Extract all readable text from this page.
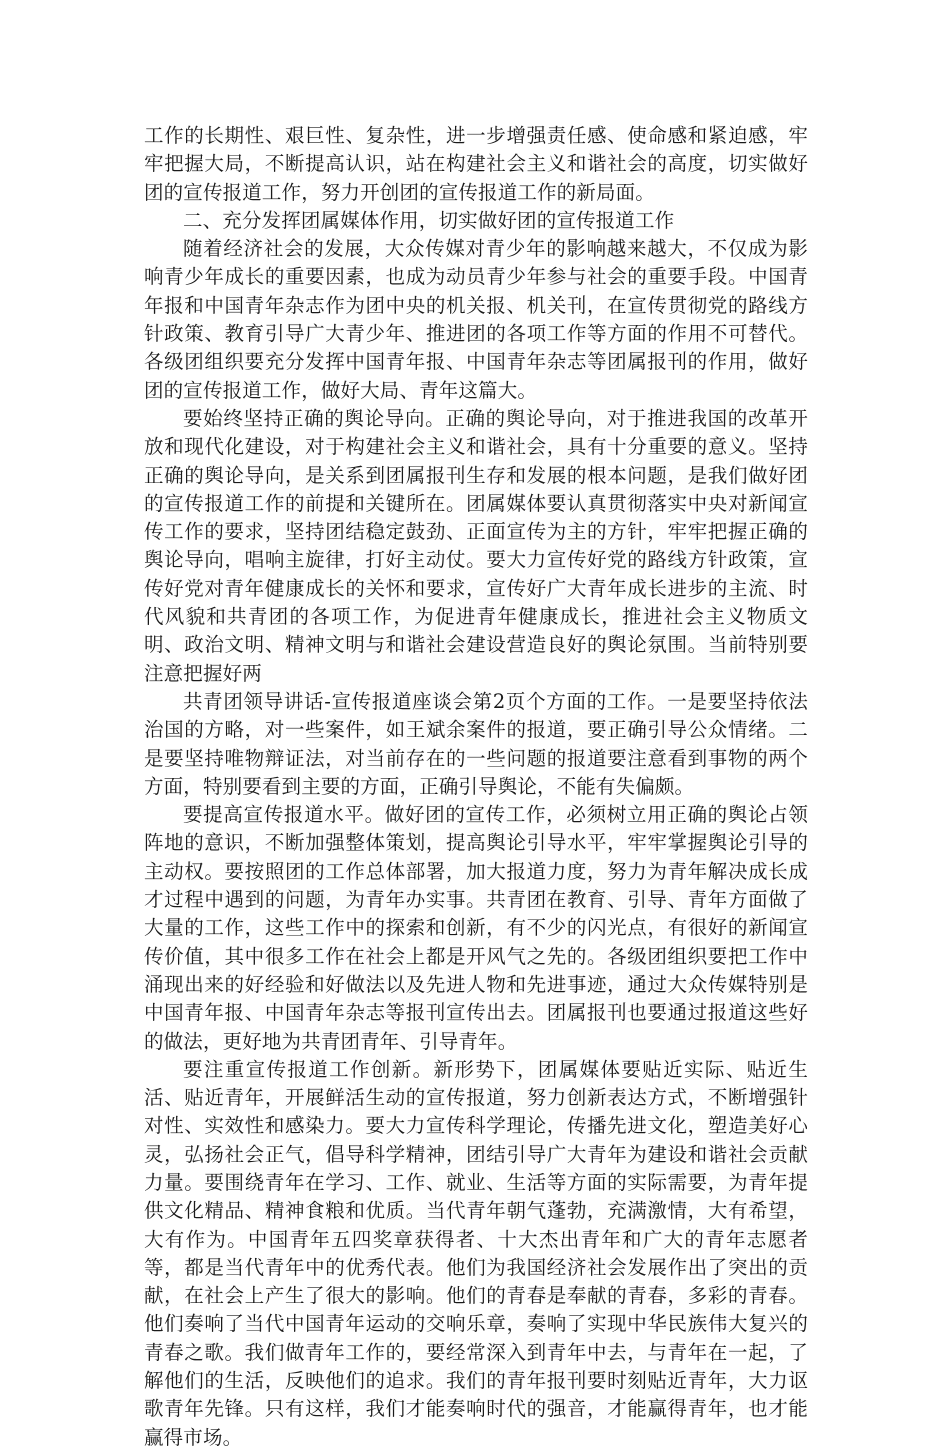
工作的长期性、艰巨性、复杂性，进一步增强责任感、使命感和紧迫感，牢牢把握大局，不断提高认识，站在构建社会主义和谐社会的高度，切实做好团的宣传报道工作，努力开创团的宣传报道工作的新局面。

二、充分发挥团属媒体作用，切实做好团的宣传报道工作

随着经济社会的发展，大众传媒对青少年的影响越来越大，不仅成为影响青少年成长的重要因素，也成为动员青少年参与社会的重要手段。中国青年报和中国青年杂志作为团中央的机关报、机关刊，在宣传贯彻党的路线方针政策、教育引导广大青少年、推进团的各项工作等方面的作用不可替代。各级团组织要充分发挥中国青年报、中国青年杂志等团属报刊的作用，做好团的宣传报道工作，做好大局、青年这篇大。

要始终坚持正确的舆论导向。正确的舆论导向，对于推进我国的改革开放和现代化建设，对于构建社会主义和谐社会，具有十分重要的意义。坚持正确的舆论导向，是关系到团属报刊生存和发展的根本问题，是我们做好团的宣传报道工作的前提和关键所在。团属媒体要认真贯彻落实中央对新闻宣传工作的要求，坚持团结稳定鼓劲、正面宣传为主的方针，牢牢把握正确的舆论导向，唱响主旋律，打好主动仗。要大力宣传好党的路线方针政策，宣传好党对青年健康成长的关怀和要求，宣传好广大青年成长进步的主流、时代风貌和共青团的各项工作，为促进青年健康成长，推进社会主义物质文明、政治文明、精神文明与和谐社会建设营造良好的舆论氛围。当前特别要注意把握好两

共青团领导讲话-宣传报道座谈会第2页个方面的工作。一是要坚持依法治国的方略，对一些案件，如王斌余案件的报道，要正确引导公众情绪。二是要坚持唯物辩证法，对当前存在的一些问题的报道要注意看到事物的两个方面，特别要看到主要的方面，正确引导舆论，不能有失偏颇。

要提高宣传报道水平。做好团的宣传工作，必须树立用正确的舆论占领阵地的意识，不断加强整体策划，提高舆论引导水平，牢牢掌握舆论引导的主动权。要按照团的工作总体部署，加大报道力度，努力为青年解决成长成才过程中遇到的问题，为青年办实事。共青团在教育、引导、青年方面做了大量的工作，这些工作中的探索和创新，有不少的闪光点，有很好的新闻宣传价值，其中很多工作在社会上都是开风气之先的。各级团组织要把工作中涌现出来的好经验和好做法以及先进人物和先进事迹，通过大众传媒特别是中国青年报、中国青年杂志等报刊宣传出去。团属报刊也要通过报道这些好的做法，更好地为共青团青年、引导青年。

要注重宣传报道工作创新。新形势下，团属媒体要贴近实际、贴近生活、贴近青年，开展鲜活生动的宣传报道，努力创新表达方式，不断增强针对性、实效性和感染力。要大力宣传科学理论，传播先进文化，塑造美好心灵，弘扬社会正气，倡导科学精神，团结引导广大青年为建设和谐社会贡献力量。要围绕青年在学习、工作、就业、生活等方面的实际需要，为青年提供文化精品、精神食粮和优质。当代青年朝气蓬勃，充满激情，大有希望，大有作为。中国青年五四奖章获得者、十大杰出青年和广大的青年志愿者等，都是当代青年中的优秀代表。他们为我国经济社会发展作出了突出的贡献，在社会上产生了很大的影响。他们的青春是奉献的青春，多彩的青春。他们奏响了当代中国青年运动的交响乐章，奏响了实现中华民族伟大复兴的青春之歌。我们做青年工作的，要经常深入到青年中去，与青年在一起，了解他们的生活，反映他们的追求。我们的青年报刊要时刻贴近青年，大力讴歌青年先锋。只有这样，我们才能奏响时代的强音，才能赢得青年，也才能赢得市场。
